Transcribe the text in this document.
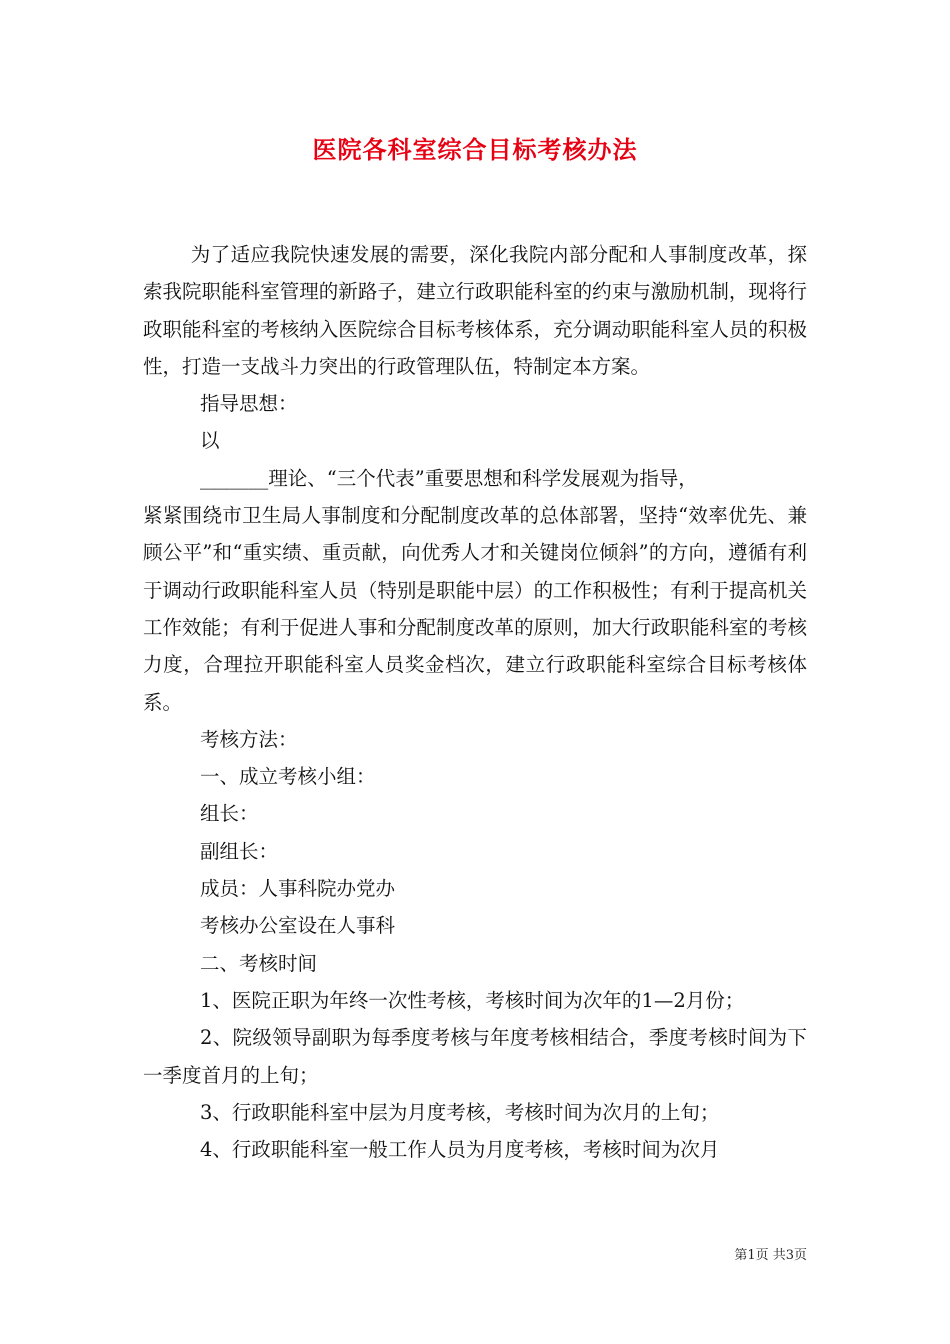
医院各科室综合目标考核办法

为了适应我院快速发展的需要，深化我院内部分配和人事制度改革，探索我院职能科室管理的新路子，建立行政职能科室的约束与激励机制，现将行政职能科室的考核纳入医院综合目标考核体系，充分调动职能科室人员的积极性，打造一支战斗力突出的行政管理队伍，特制定本方案。

指导思想：

以

_______理论、“三个代表”重要思想和科学发展观为指导，

紧紧围绕市卫生局人事制度和分配制度改革的总体部署，坚持“效率优先、兼顾公平”和“重实绩、重贡献，向优秀人才和关键岗位倾斜”的方向，遵循有利于调动行政职能科室人员（特别是职能中层）的工作积极性；有利于提高机关工作效能；有利于促进人事和分配制度改革的原则，加大行政职能科室的考核力度，合理拉开职能科室人员奖金档次，建立行政职能科室综合目标考核体系。

考核方法：

一、成立考核小组：

组长：

副组长：

成员：人事科院办党办

考核办公室设在人事科

二、考核时间

1、医院正职为年终一次性考核，考核时间为次年的1—2月份；

2、院级领导副职为每季度考核与年度考核相结合，季度考核时间为下一季度首月的上旬；

3、行政职能科室中层为月度考核，考核时间为次月的上旬；

4、行政职能科室一般工作人员为月度考核，考核时间为次月

第1页 共3页
